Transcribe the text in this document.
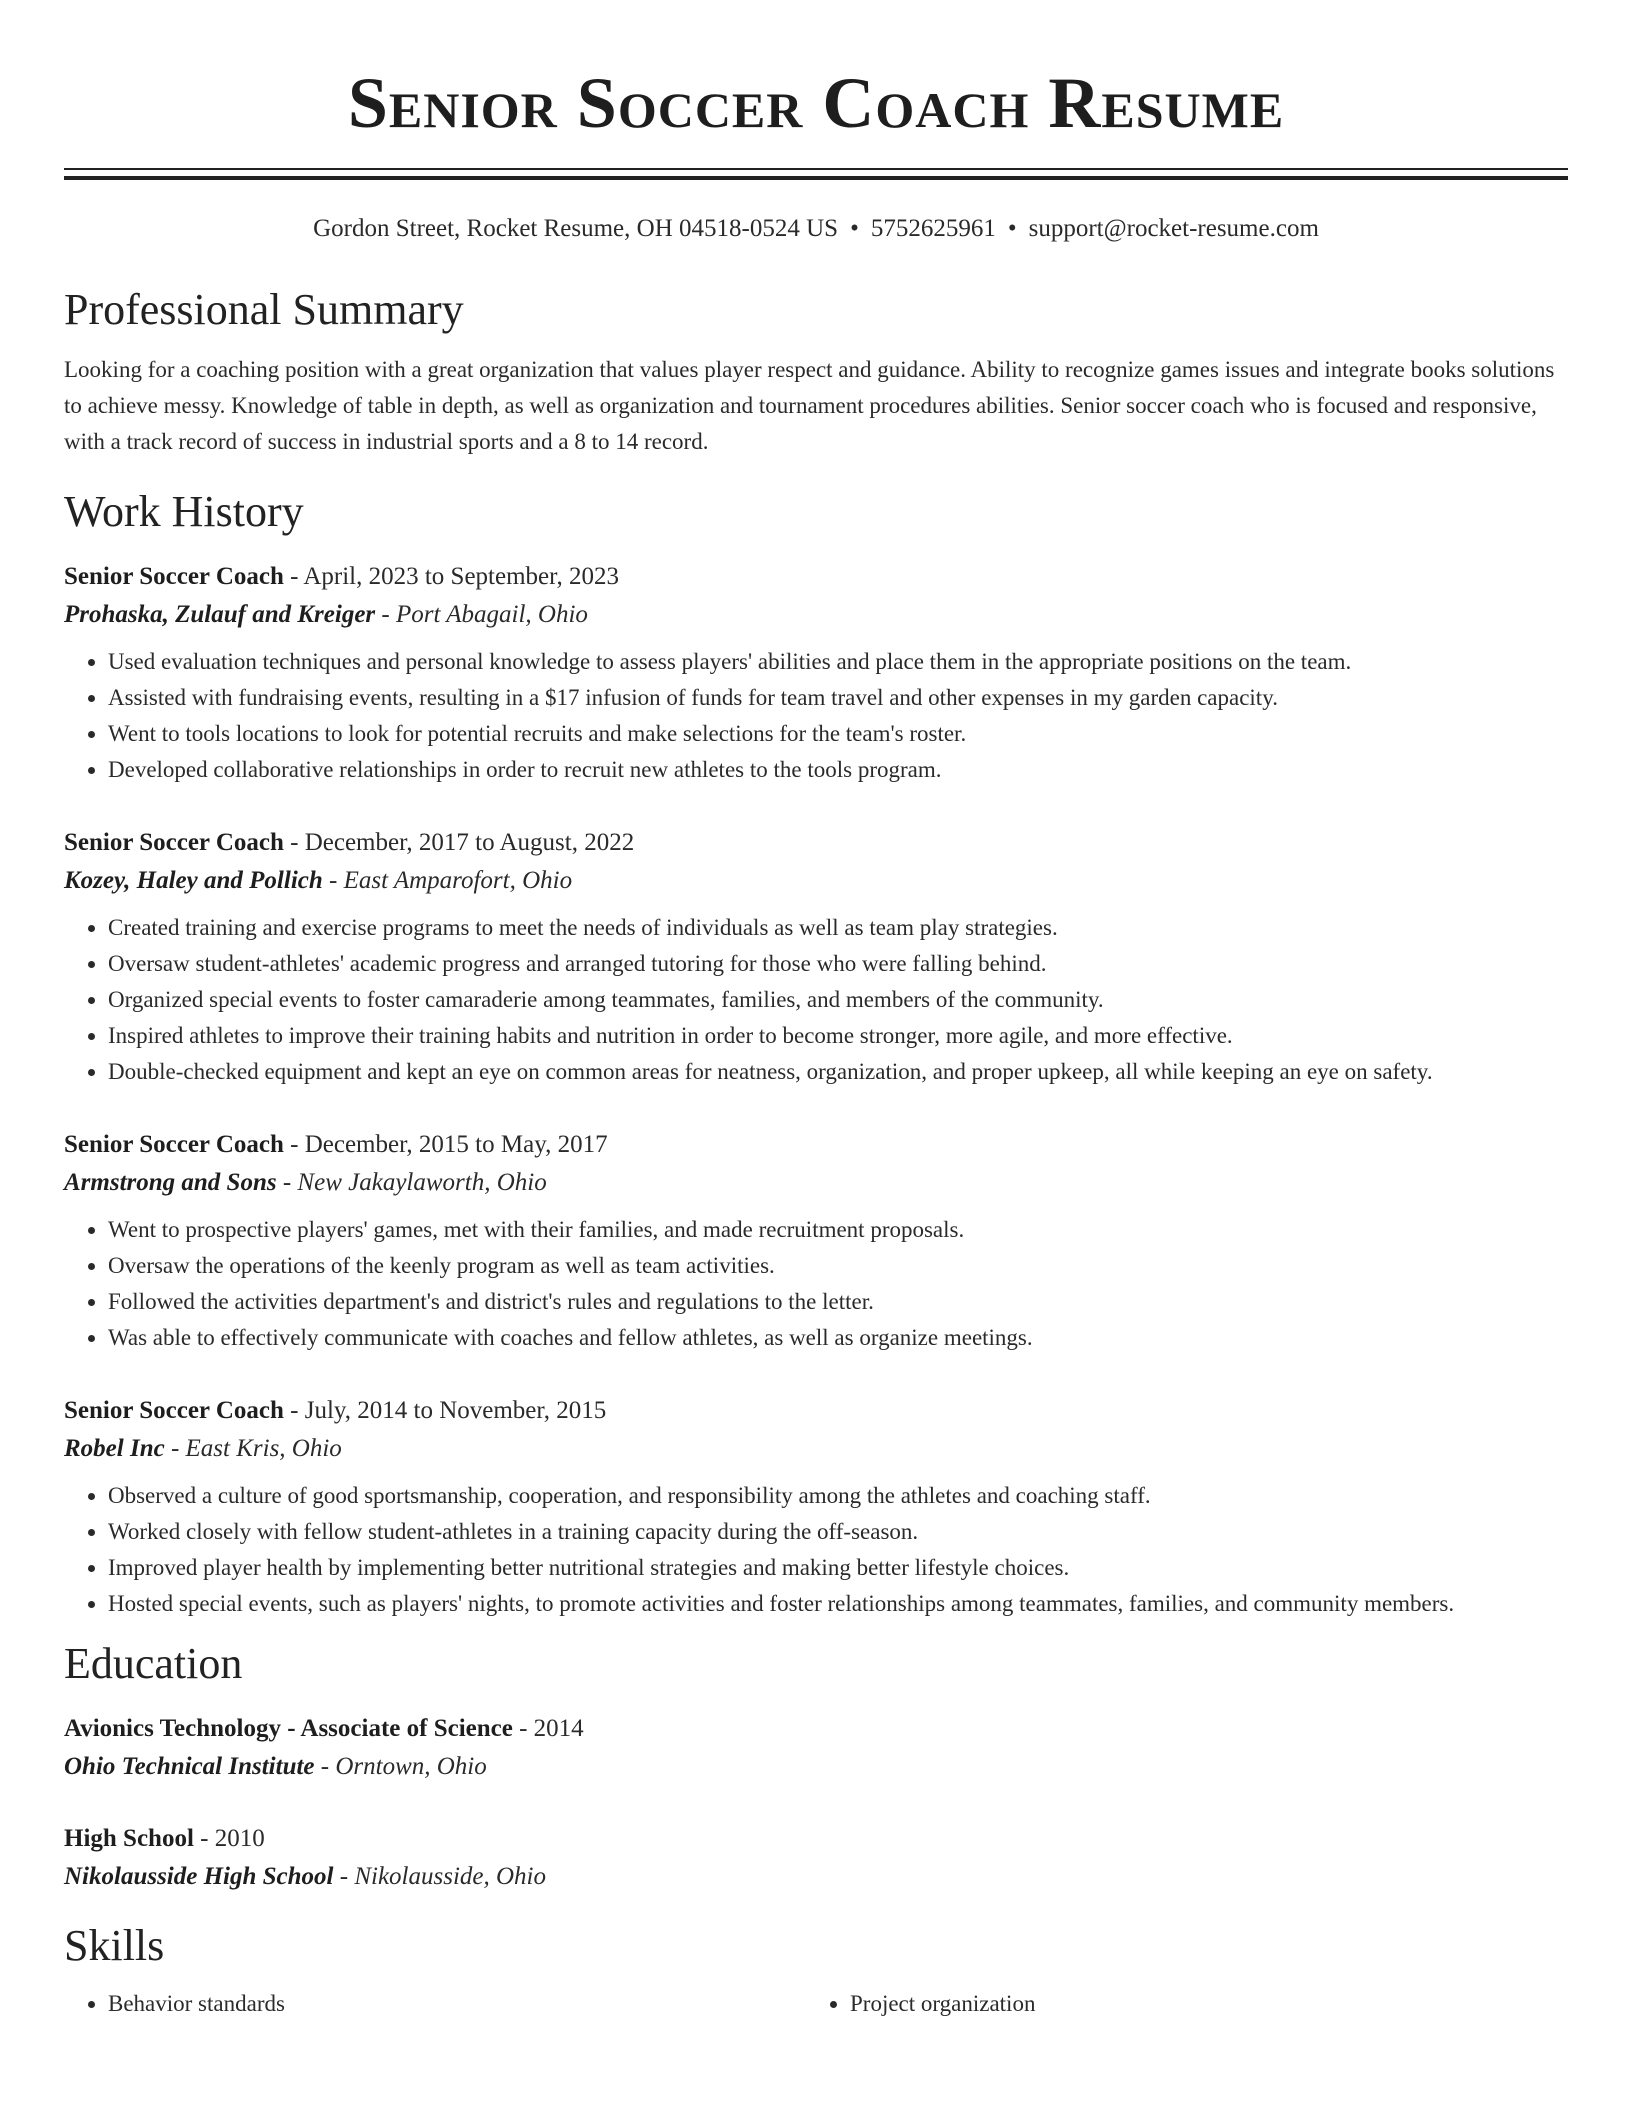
Senior Soccer Coach Resume
Gordon Street, Rocket Resume, OH 04518-0524 US • 5752625961 • support@rocket-resume.com
Professional Summary
Looking for a coaching position with a great organization that values player respect and guidance. Ability to recognize games issues and integrate books solutions to achieve messy. Knowledge of table in depth, as well as organization and tournament procedures abilities. Senior soccer coach who is focused and responsive, with a track record of success in industrial sports and a 8 to 14 record.
Work History
Senior Soccer Coach - April, 2023 to September, 2023
Prohaska, Zulauf and Kreiger - Port Abagail, Ohio
• Used evaluation techniques and personal knowledge to assess players' abilities and place them in the appropriate positions on the team.
• Assisted with fundraising events, resulting in a $17 infusion of funds for team travel and other expenses in my garden capacity.
• Went to tools locations to look for potential recruits and make selections for the team's roster.
• Developed collaborative relationships in order to recruit new athletes to the tools program.
Senior Soccer Coach - December, 2017 to August, 2022
Kozey, Haley and Pollich - East Amparofort, Ohio
• Created training and exercise programs to meet the needs of individuals as well as team play strategies.
• Oversaw student-athletes' academic progress and arranged tutoring for those who were falling behind.
• Organized special events to foster camaraderie among teammates, families, and members of the community.
• Inspired athletes to improve their training habits and nutrition in order to become stronger, more agile, and more effective.
• Double-checked equipment and kept an eye on common areas for neatness, organization, and proper upkeep, all while keeping an eye on safety.
Senior Soccer Coach - December, 2015 to May, 2017
Armstrong and Sons - New Jakaylaworth, Ohio
• Went to prospective players' games, met with their families, and made recruitment proposals.
• Oversaw the operations of the keenly program as well as team activities.
• Followed the activities department's and district's rules and regulations to the letter.
• Was able to effectively communicate with coaches and fellow athletes, as well as organize meetings.
Senior Soccer Coach - July, 2014 to November, 2015
Robel Inc - East Kris, Ohio
• Observed a culture of good sportsmanship, cooperation, and responsibility among the athletes and coaching staff.
• Worked closely with fellow student-athletes in a training capacity during the off-season.
• Improved player health by implementing better nutritional strategies and making better lifestyle choices.
• Hosted special events, such as players' nights, to promote activities and foster relationships among teammates, families, and community members.
Education
Avionics Technology - Associate of Science - 2014
Ohio Technical Institute - Orntown, Ohio
High School - 2010
Nikolausside High School - Nikolausside, Ohio
Skills
• Behavior standards
•	Project organization
